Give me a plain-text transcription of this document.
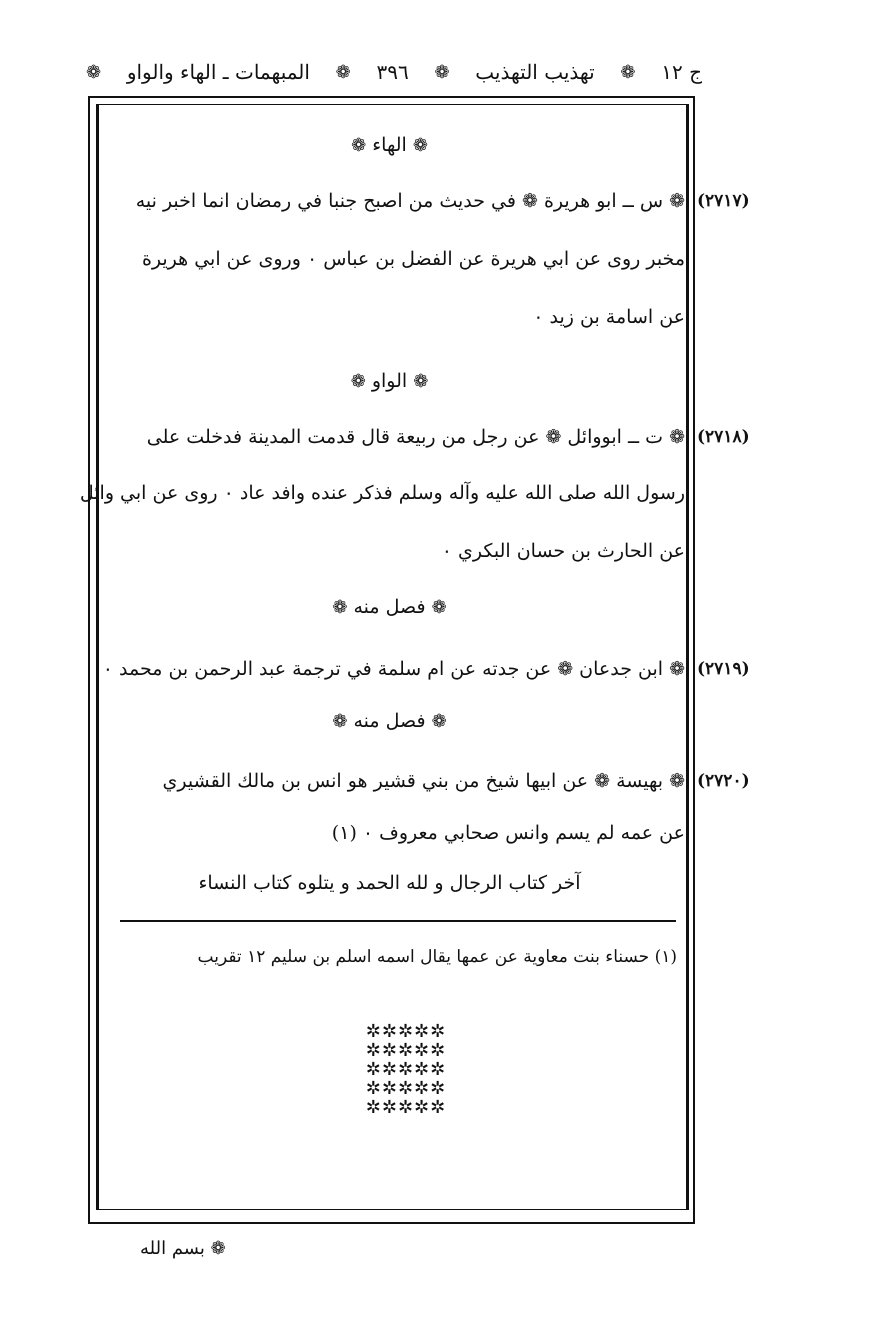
ج ١٢
❁
تهذيب التهذيب
❁
٣٩٦
❁
المبهمات ـ الهاء والواو
❁
❁ الهاء ❁
(٢٧١٧)
❁ س ــ ابو هريرة ❁ في حديث من اصبح جنبا في رمضان انما اخبر نيه
مخبر روى عن ابي هريرة عن الفضل بن عباس ٠ وروى عن ابي هريرة
عن اسامة بن زيد ٠
❁ الواو ❁
(٢٧١٨)
❁ ت ــ ابووائل ❁ عن رجل من ربيعة قال قدمت المدينة فدخلت على
رسول الله صلى الله عليه وآله وسلم فذكر عنده وافد عاد ٠ روى عن ابي وائل
عن الحارث بن حسان البكري ٠
❁ فصل منه ❁
(٢٧١٩)
❁ ابن جدعان ❁ عن جدته عن ام سلمة في ترجمة عبد الرحمن بن محمد ٠
❁ فصل منه ❁
(٢٧٢٠)
❁ بهيسة ❁ عن ابيها شيخ من بني قشير هو انس بن مالك القشيري
عن عمه لم يسم وانس صحابي معروف ٠ (١)
آخر كتاب الرجال و لله الحمد و يتلوه كتاب النساء
(١) حسناء بنت معاوية عن عمها يقال اسمه اسلم بن سليم ١٢ تقريب
✲✲✲✲✲
✲✲✲✲✲
✲✲✲✲✲
✲✲✲✲✲
✲✲✲✲✲
❁ بسم الله
